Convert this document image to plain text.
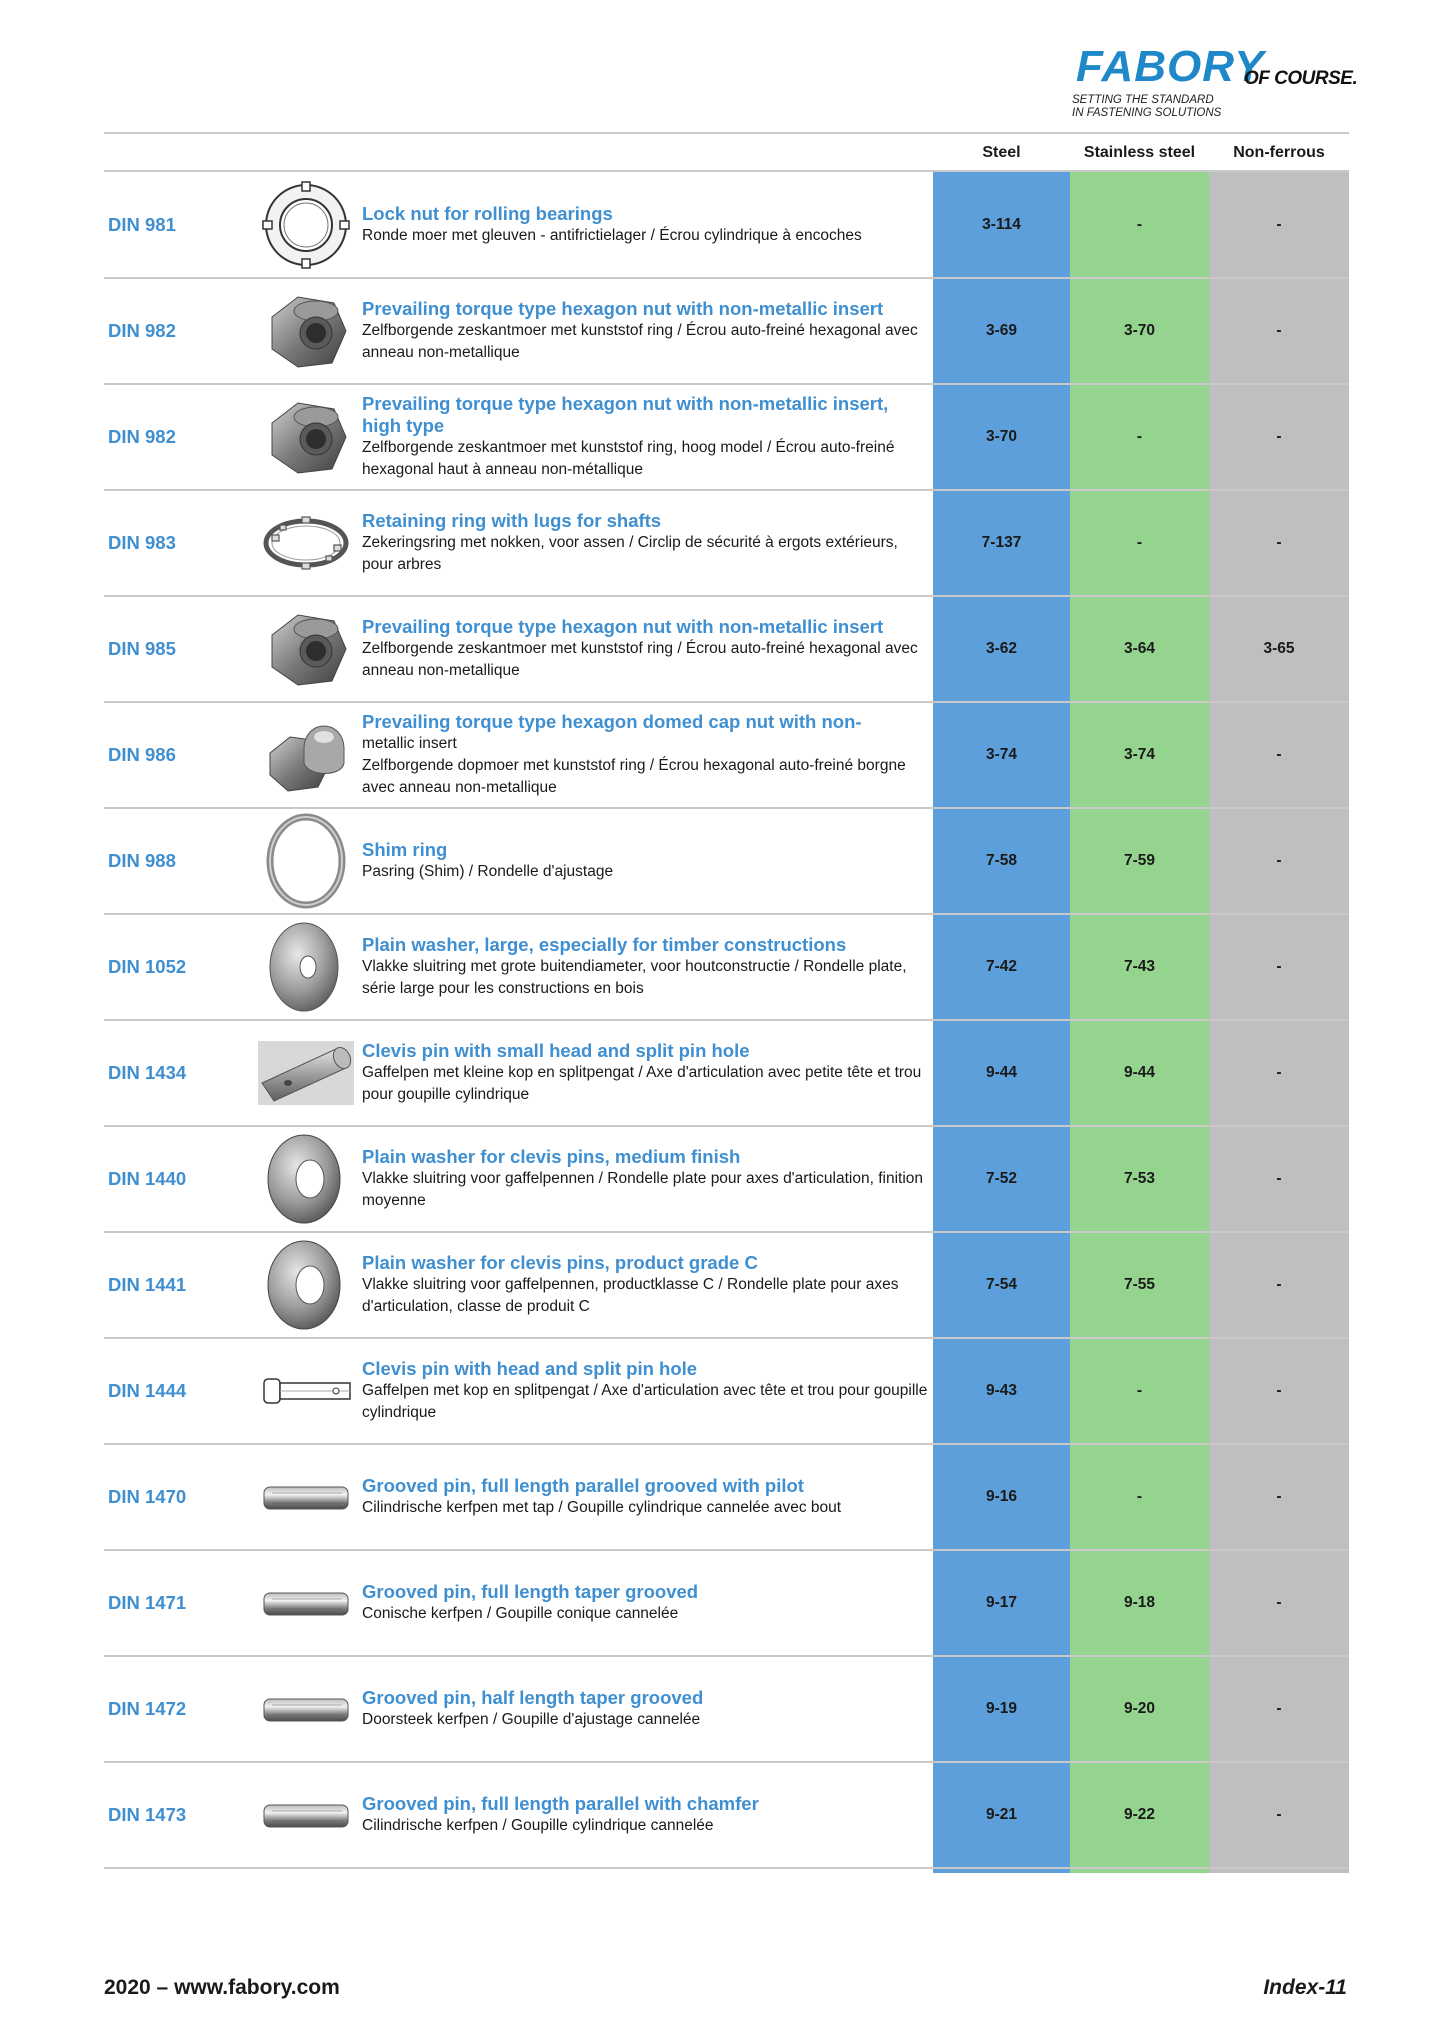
FABORY
OF COURSE.
SETTING THE STANDARD
IN FASTENING SOLUTIONS
Steel	Stainless steel	Non-ferrous
DIN 981
Lock nut for rolling bearings
Ronde moer met gleuven - antifrictielager / Écrou cylindrique à encoches
3-114	-	-
DIN 982
Prevailing torque type hexagon nut with non-metallic insert
Zelfborgende zeskantmoer met kunststof ring / Écrou auto-freiné hexagonal avec anneau non-metallique
3-69	3-70	-
DIN 982
Prevailing torque type hexagon nut with non-metallic insert, high type
Zelfborgende zeskantmoer met kunststof ring, hoog model / Écrou auto-freiné hexagonal haut à anneau non-métallique
3-70	-	-
DIN 983
Retaining ring with lugs for shafts
Zekeringsring met nokken, voor assen / Circlip de sécurité à ergots extérieurs, pour arbres
7-137	-	-
DIN 985
Prevailing torque type hexagon nut with non-metallic insert
Zelfborgende zeskantmoer met kunststof ring / Écrou auto-freiné hexagonal avec anneau non-metallique
3-62	3-64	3-65
DIN 986
Prevailing torque type hexagon domed cap nut with non-
metallic insert
Zelfborgende dopmoer met kunststof ring / Écrou hexagonal auto-freiné borgne avec anneau non-metallique
3-74	3-74	-
DIN 988
Shim ring
Pasring (Shim) / Rondelle d'ajustage
7-58	7-59	-
DIN 1052
Plain washer, large, especially for timber constructions
Vlakke sluitring met grote buitendiameter, voor houtconstructie / Rondelle plate, série large pour les constructions en bois
7-42	7-43	-
DIN 1434
Clevis pin with small head and split pin hole
Gaffelpen met kleine kop en splitpengat / Axe d'articulation avec petite tête et trou pour goupille cylindrique
9-44	9-44	-
DIN 1440
Plain washer for clevis pins, medium finish
Vlakke sluitring voor gaffelpennen / Rondelle plate pour axes d'articulation, finition moyenne
7-52	7-53	-
DIN 1441
Plain washer for clevis pins, product grade C
Vlakke sluitring voor gaffelpennen, productklasse C / Rondelle plate pour axes d'articulation, classe de produit C
7-54	7-55	-
DIN 1444
Clevis pin with head and split pin hole
Gaffelpen met kop en splitpengat / Axe d'articulation avec tête et trou pour goupille cylindrique
9-43	-	-
DIN 1470
Grooved pin, full length parallel grooved with pilot
Cilindrische kerfpen met tap / Goupille cylindrique cannelée avec bout
9-16	-	-
DIN 1471
Grooved pin, full length taper grooved
Conische kerfpen / Goupille conique cannelée
9-17	9-18	-
DIN 1472
Grooved pin, half length taper grooved
Doorsteek kerfpen / Goupille d'ajustage cannelée
9-19	9-20	-
DIN 1473
Grooved pin, full length parallel with chamfer
Cilindrische kerfpen / Goupille cylindrique cannelée
9-21	9-22	-
2020 – www.fabory.com	Index-11
